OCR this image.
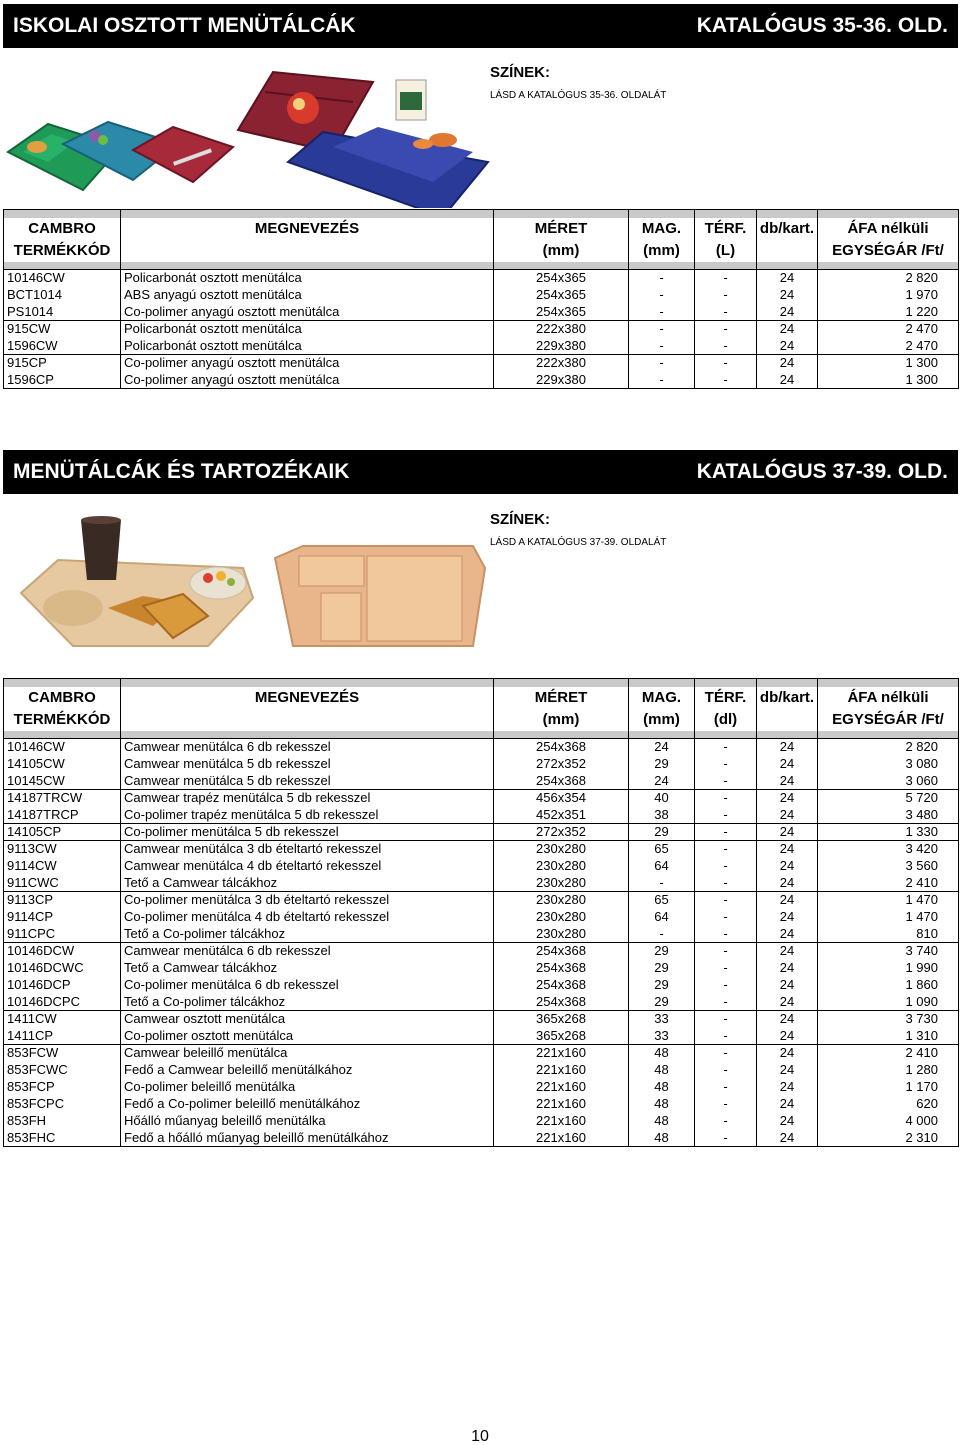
ISKOLAI OSZTOTT MENÜTÁLCÁK	KATALÓGUS 35-36. OLD.
SZÍNEK:
LÁSD A KATALÓGUS 35-36. OLDALÁT

CAMBRO	MEGNEVEZÉS	MÉRET	MAG.	TÉRF.	db/kart.	ÁFA nélküli
TERMÉKKÓD		(mm)	(mm)	(L)		EGYSÉGÁR /Ft/

10146CW	Policarbonát osztott menütálca	254x365	-	-	24	2 820
BCT1014	ABS anyagú osztott menütálca	254x365	-	-	24	1 970
PS1014	Co-polimer anyagú osztott menütálca	254x365	-	-	24	1 220
915CW	Policarbonát osztott menütálca	222x380	-	-	24	2 470
1596CW	Policarbonát osztott menütálca	229x380	-	-	24	2 470
915CP	Co-polimer anyagú osztott menütálca	222x380	-	-	24	1 300
1596CP	Co-polimer anyagú osztott menütálca	229x380	-	-	24	1 300
MENÜTÁLCÁK ÉS TARTOZÉKAIK	KATALÓGUS 37-39. OLD.
SZÍNEK:
LÁSD A KATALÓGUS 37-39. OLDALÁT

CAMBRO	MEGNEVEZÉS	MÉRET	MAG.	TÉRF.	db/kart.	ÁFA nélküli
TERMÉKKÓD		(mm)	(mm)	(dl)		EGYSÉGÁR /Ft/

10146CW	Camwear menütálca 6 db rekesszel	254x368	24	-	24	2 820
14105CW	Camwear menütálca 5 db rekesszel	272x352	29	-	24	3 080
10145CW	Camwear menütálca 5 db rekesszel	254x368	24	-	24	3 060
14187TRCW	Camwear trapéz menütálca 5 db rekesszel	456x354	40	-	24	5 720
14187TRCP	Co-polimer trapéz menütálca 5 db rekesszel	452x351	38	-	24	3 480
14105CP	Co-polimer menütálca 5 db rekesszel	272x352	29	-	24	1 330
9113CW	Camwear menütálca 3 db ételtartó rekesszel	230x280	65	-	24	3 420
9114CW	Camwear menütálca 4 db ételtartó rekesszel	230x280	64	-	24	3 560
911CWC	Tető a Camwear tálcákhoz	230x280	-	-	24	2 410
9113CP	Co-polimer menütálca 3 db ételtartó rekesszel	230x280	65	-	24	1 470
9114CP	Co-polimer menütálca 4 db ételtartó rekesszel	230x280	64	-	24	1 470
911CPC	Tető a Co-polimer tálcákhoz	230x280	-	-	24	810
10146DCW	Camwear menütálca 6 db rekesszel	254x368	29	-	24	3 740
10146DCWC	Tető a Camwear tálcákhoz	254x368	29	-	24	1 990
10146DCP	Co-polimer menütálca 6 db rekesszel	254x368	29	-	24	1 860
10146DCPC	Tető a Co-polimer tálcákhoz	254x368	29	-	24	1 090
1411CW	Camwear osztott menütálca	365x268	33	-	24	3 730
1411CP	Co-polimer osztott menütálca	365x268	33	-	24	1 310
853FCW	Camwear beleillő menütálca	221x160	48	-	24	2 410
853FCWC	Fedő a Camwear beleillő menütálkához	221x160	48	-	24	1 280
853FCP	Co-polimer beleillő menütálka	221x160	48	-	24	1 170
853FCPC	Fedő a Co-polimer beleillő menütálkához	221x160	48	-	24	620
853FH	Hőálló műanyag beleillő menütálka	221x160	48	-	24	4 000
853FHC	Fedő a hőálló műanyag beleillő menütálkához	221x160	48	-	24	2 310
10
